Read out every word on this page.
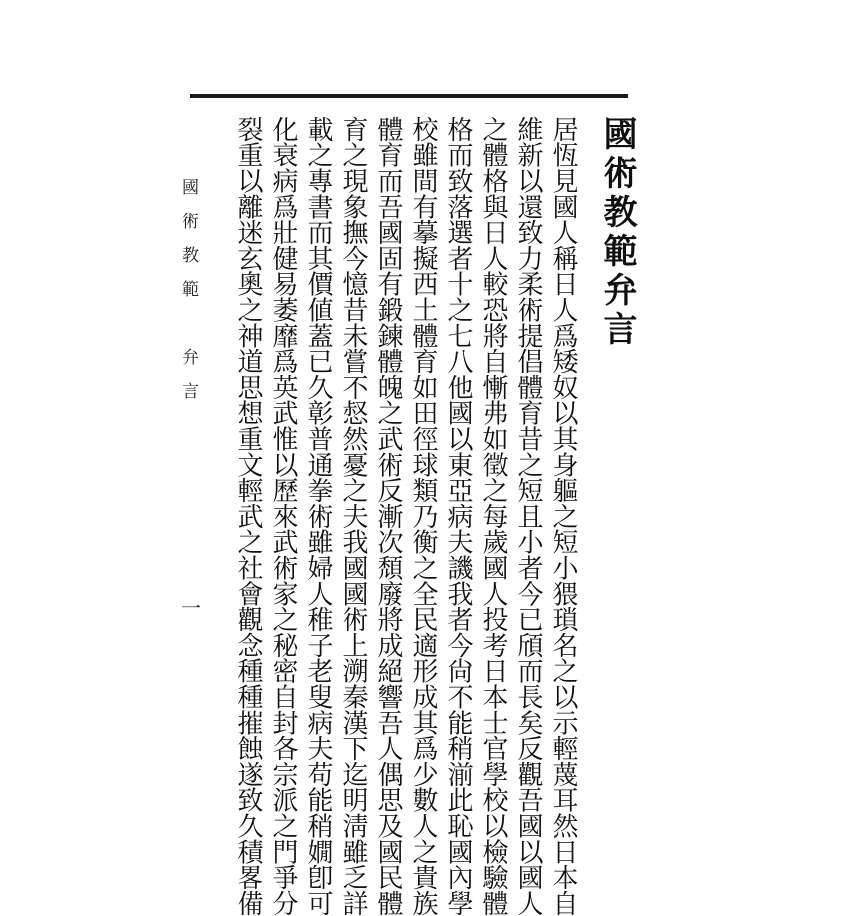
國術教範弁言
居恆見國人稱日人爲矮奴以其身軀之短小猥瑣名之以示輕蔑耳然日本自
維新以還致力柔術提倡體育昔之短且小者今已頎而長矣反觀吾國以國人
之體格與日人較恐將自慚弗如徵之每歲國人投考日本士官學校以檢驗體
格而致落選者十之七八他國以東亞病夫譏我者今尙不能稍湔此恥國內學
校雖間有摹擬西土體育如田徑球類乃衡之全民適形成其爲少數人之貴族
體育而吾國固有鍛鍊體魄之武術反漸次頹廢將成絕響吾人偶思及國民體
育之現象撫今憶昔未嘗不惄然憂之夫我國國術上溯秦漢下迄明淸雖乏詳
載之專書而其價値蓋已久彰普通拳術雖婦人稚子老叟病夫苟能稍嫺卽可
化衰病爲壯健易萎靡爲英武惟以歷來武術家之秘密自封各宗派之門爭分
裂重以離迷玄奧之神道思想重文輕武之社會觀念種種摧蝕遂致久積畧備
國術教範　弁言
一
